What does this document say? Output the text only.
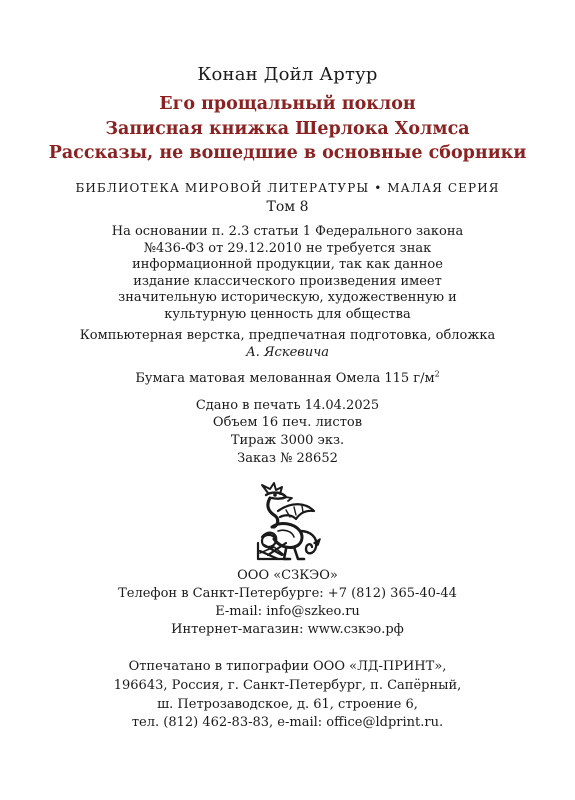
Конан Дойл Артур
Его прощальный поклон
Записная книжка Шерлока Холмса
Рассказы, не вошедшие в основные сборники
БИБЛИОТЕКА МИРОВОЙ ЛИТЕРАТУРЫ • МАЛАЯ СЕРИЯ
Том 8
На основании п. 2.3 статьи 1 Федерального закона №436-ФЗ от 29.12.2010 не требуется знак информационной продукции, так как данное издание классического произведения имеет значительную историческую, художественную и культурную ценность для общества
Компьютерная верстка, предпечатная подготовка, обложка
А. Яскевича
Бумага матовая мелованная Омела 115 $г/м^2$
Сдано в печать 14.04.2025
Объем 16 печ. листов
Тираж 3000 экз.
Заказ № 28652
ООО «СЗКЭО»
Телефон в Санкт-Петербурге: +7 (812) 365-40-44
E-mail: info@szkeo.ru
Интернет-магазин: www.сзкэо.рф
Отпечатано в типографии ООО «ЛД-ПРИНТ»,
196643, Россия, г. Санкт-Петербург, п. Сапёрный,
ш. Петрозаводское, д. 61, строение 6,
тел. (812) 462-83-83, e-mail: office@ldprint.ru.
